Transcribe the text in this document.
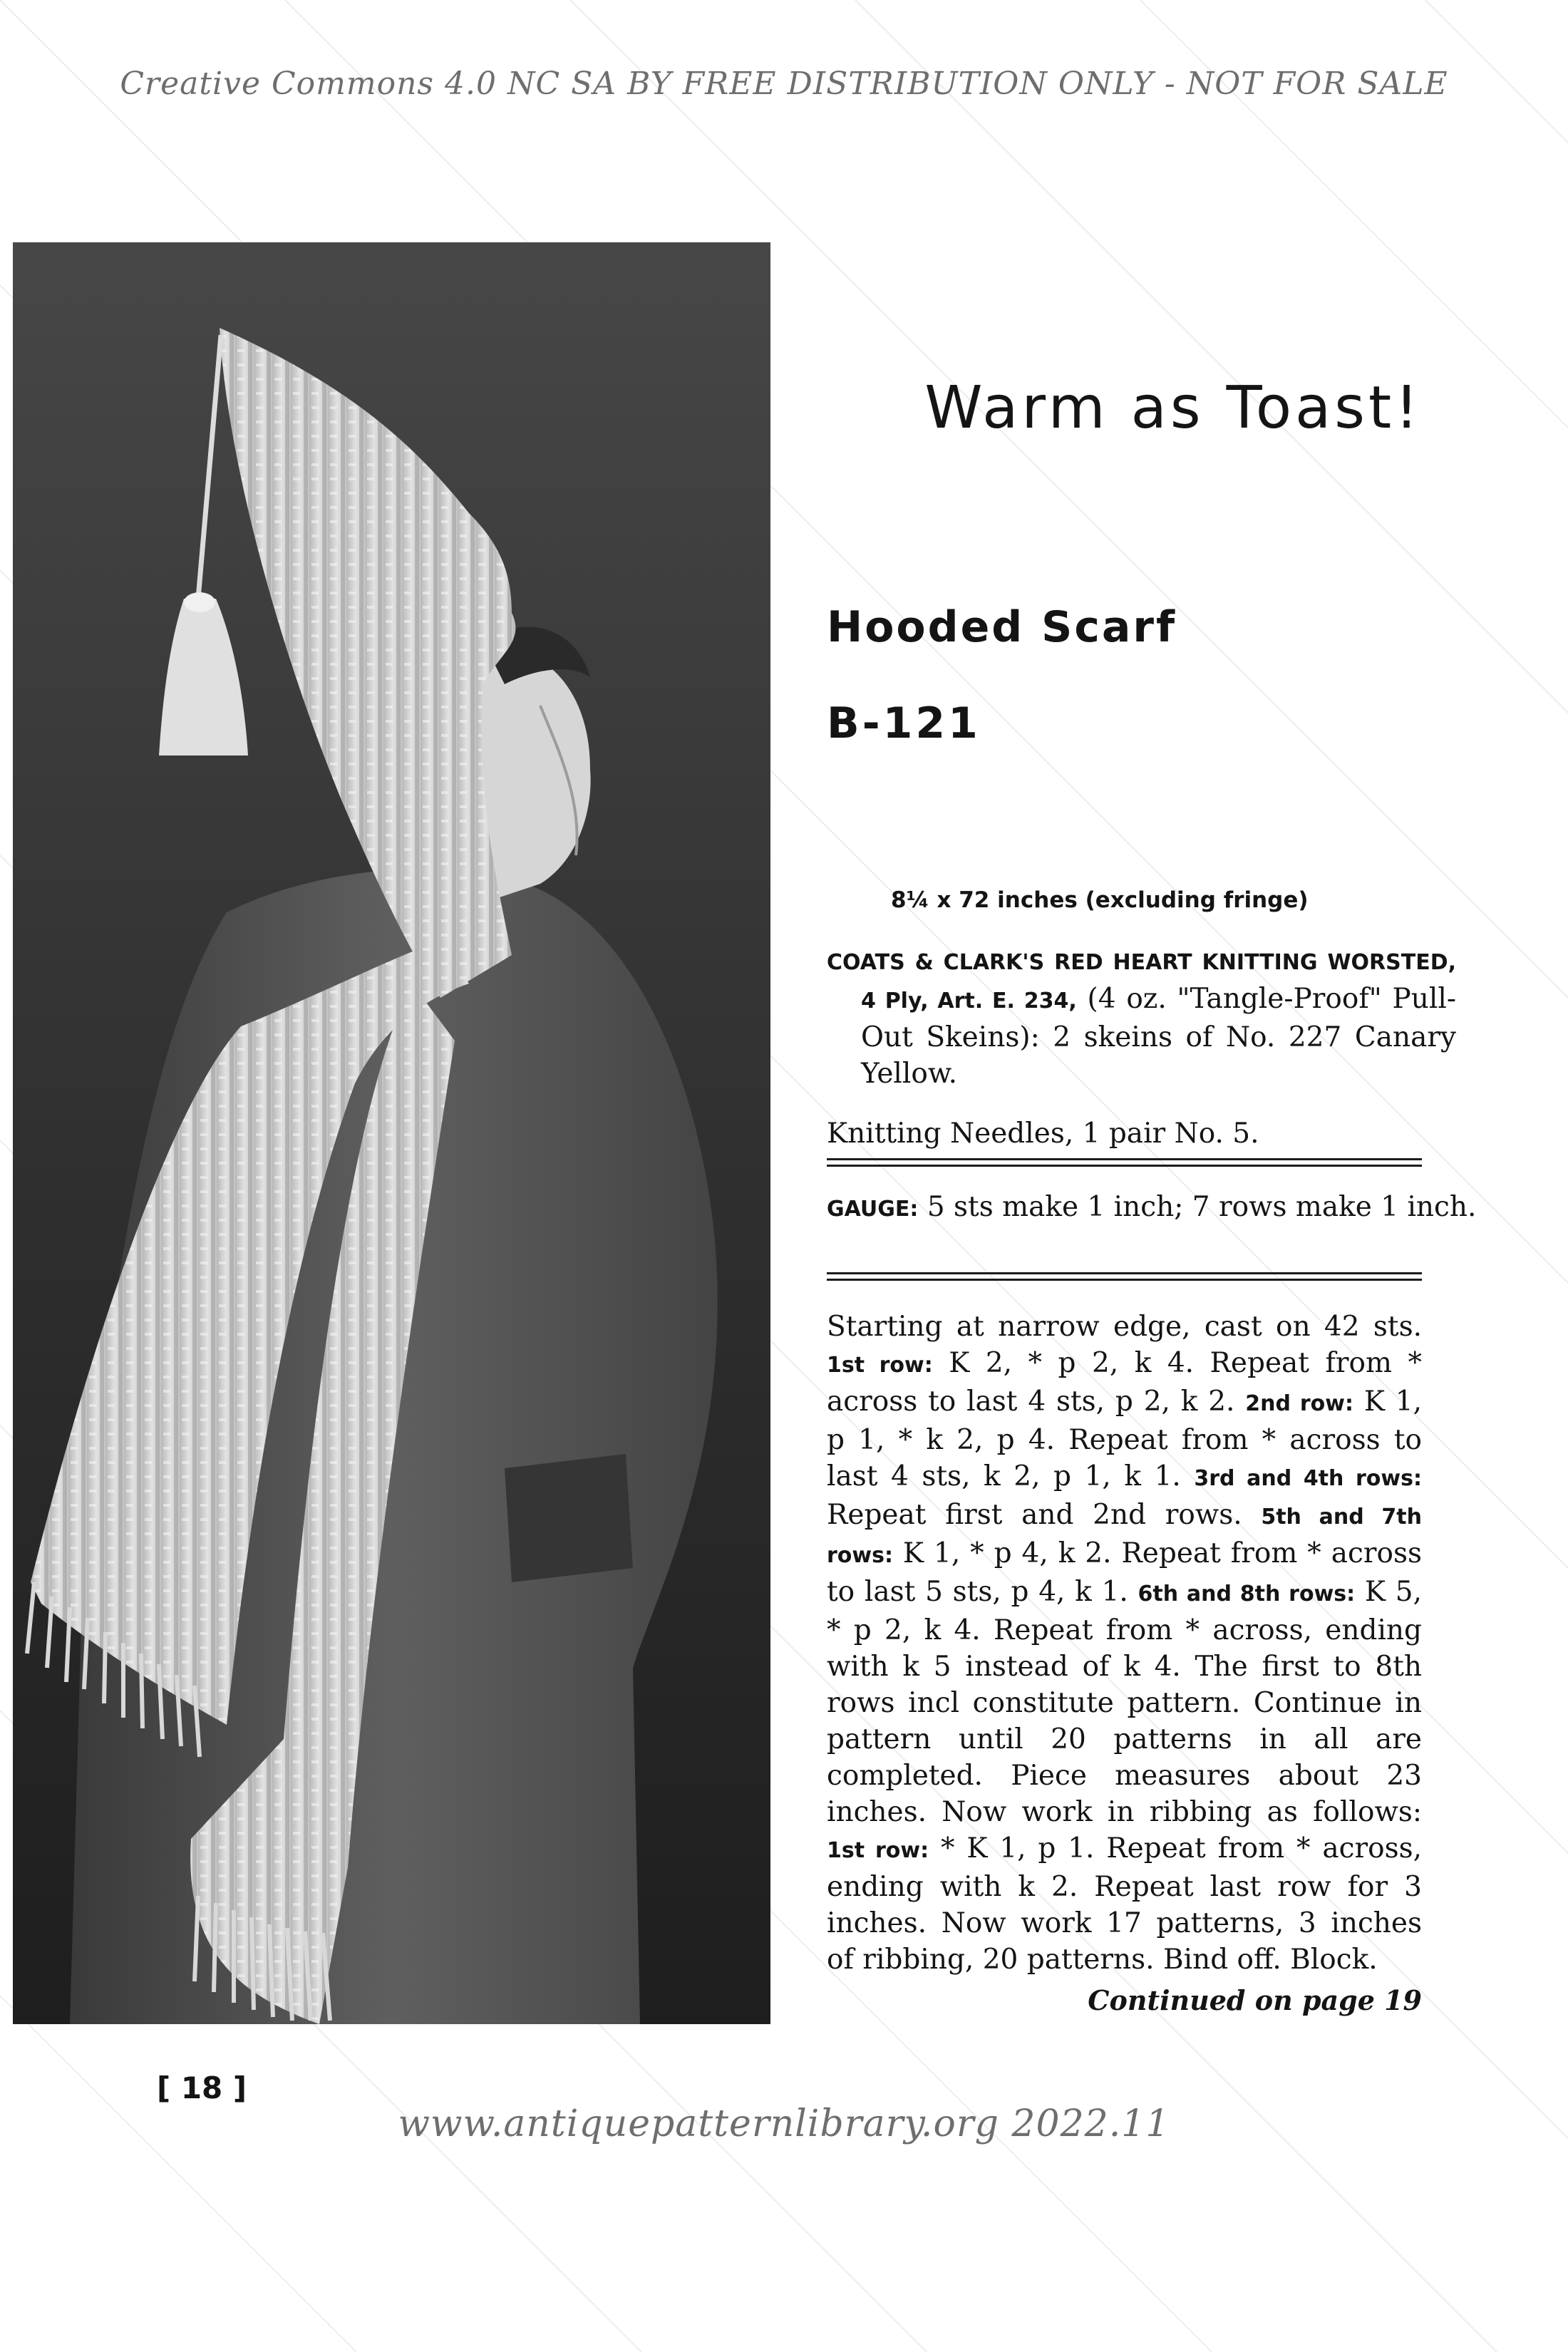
Creative Commons 4.0 NC SA BY FREE DISTRIBUTION ONLY - NOT FOR SALE
Warm as Toast!
Hooded Scarf
B-121
8¼ x 72 inches (excluding fringe)
COATS & CLARK'S RED HEART KNITTING WORSTED, 4 Ply, Art. E. 234, (4 oz. "Tangle-Proof" Pull-Out Skeins): 2 skeins of No. 227 Canary Yellow.
Knitting Needles, 1 pair No. 5.
GAUGE: 5 sts make 1 inch; 7 rows make 1 inch.
Starting at narrow edge, cast on 42 sts. 1st row: K 2, * p 2, k 4. Repeat from * across to last 4 sts, p 2, k 2. 2nd row: K 1, p 1, * k 2, p 4. Repeat from * across to last 4 sts, k 2, p 1, k 1. 3rd and 4th rows: Repeat first and 2nd rows. 5th and 7th rows: K 1, * p 4, k 2. Repeat from * across to last 5 sts, p 4, k 1. 6th and 8th rows: K 5, * p 2, k 4. Repeat from * across, ending with k 5 instead of k 4. The first to 8th rows incl constitute pattern. Continue in pattern until 20 patterns in all are completed. Piece measures about 23 inches. Now work in ribbing as follows: 1st row: * K 1, p 1. Repeat from * across, ending with k 2. Repeat last row for 3 inches. Now work 17 patterns, 3 inches of ribbing, 20 patterns. Bind off. Block.
Continued on page 19
[ 18 ]
www.antiquepatternlibrary.org 2022.11
